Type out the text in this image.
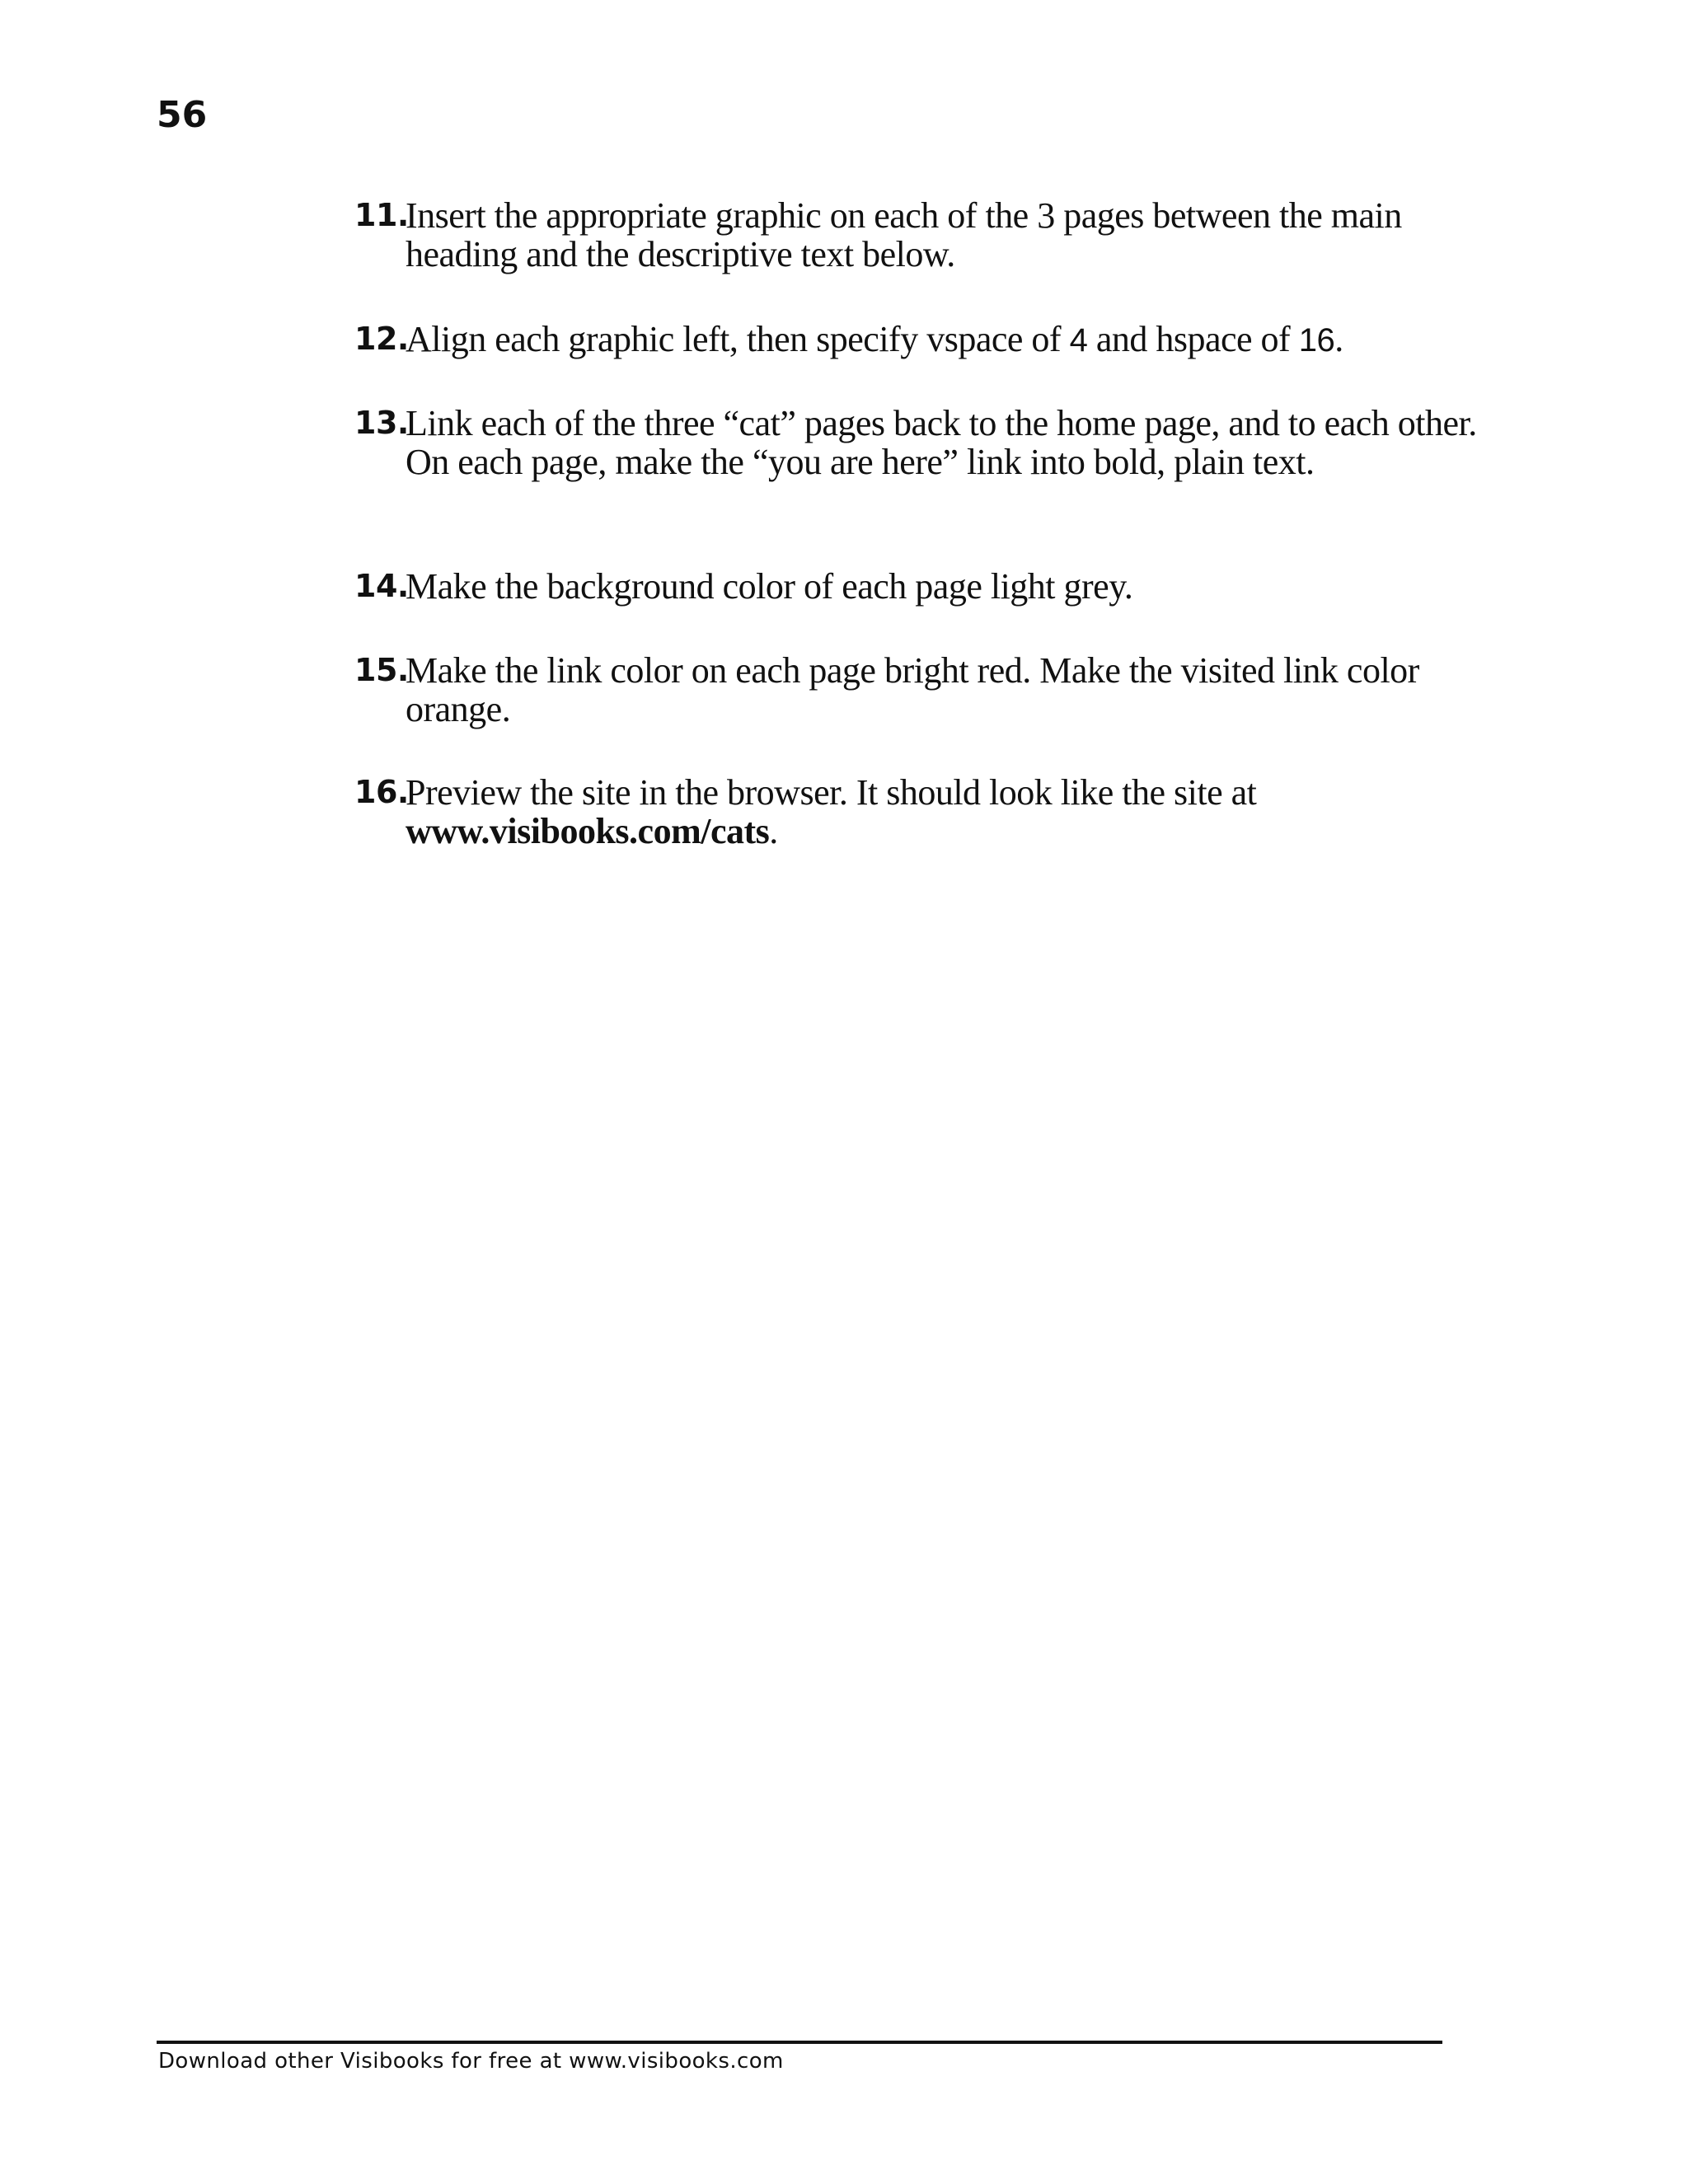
56
11 . Insert the appropriate graphic on each of the 3 pages between the main heading and the descriptive text below.
12 . Align each graphic left, then specify vspace of 4 and hspace of 16.
13 . Link each of the three “cat” pages back to the home page, and to each other. On each page, make the “you are here” link into bold, plain text.
14 . Make the background color of each page light grey.
15 . Make the link color on each page bright red. Make the visited link color orange.
16 . Preview the site in the browser. It should look like the site at www.visibooks.com/cats.
Download other Visibooks for free at www.visibooks.com
